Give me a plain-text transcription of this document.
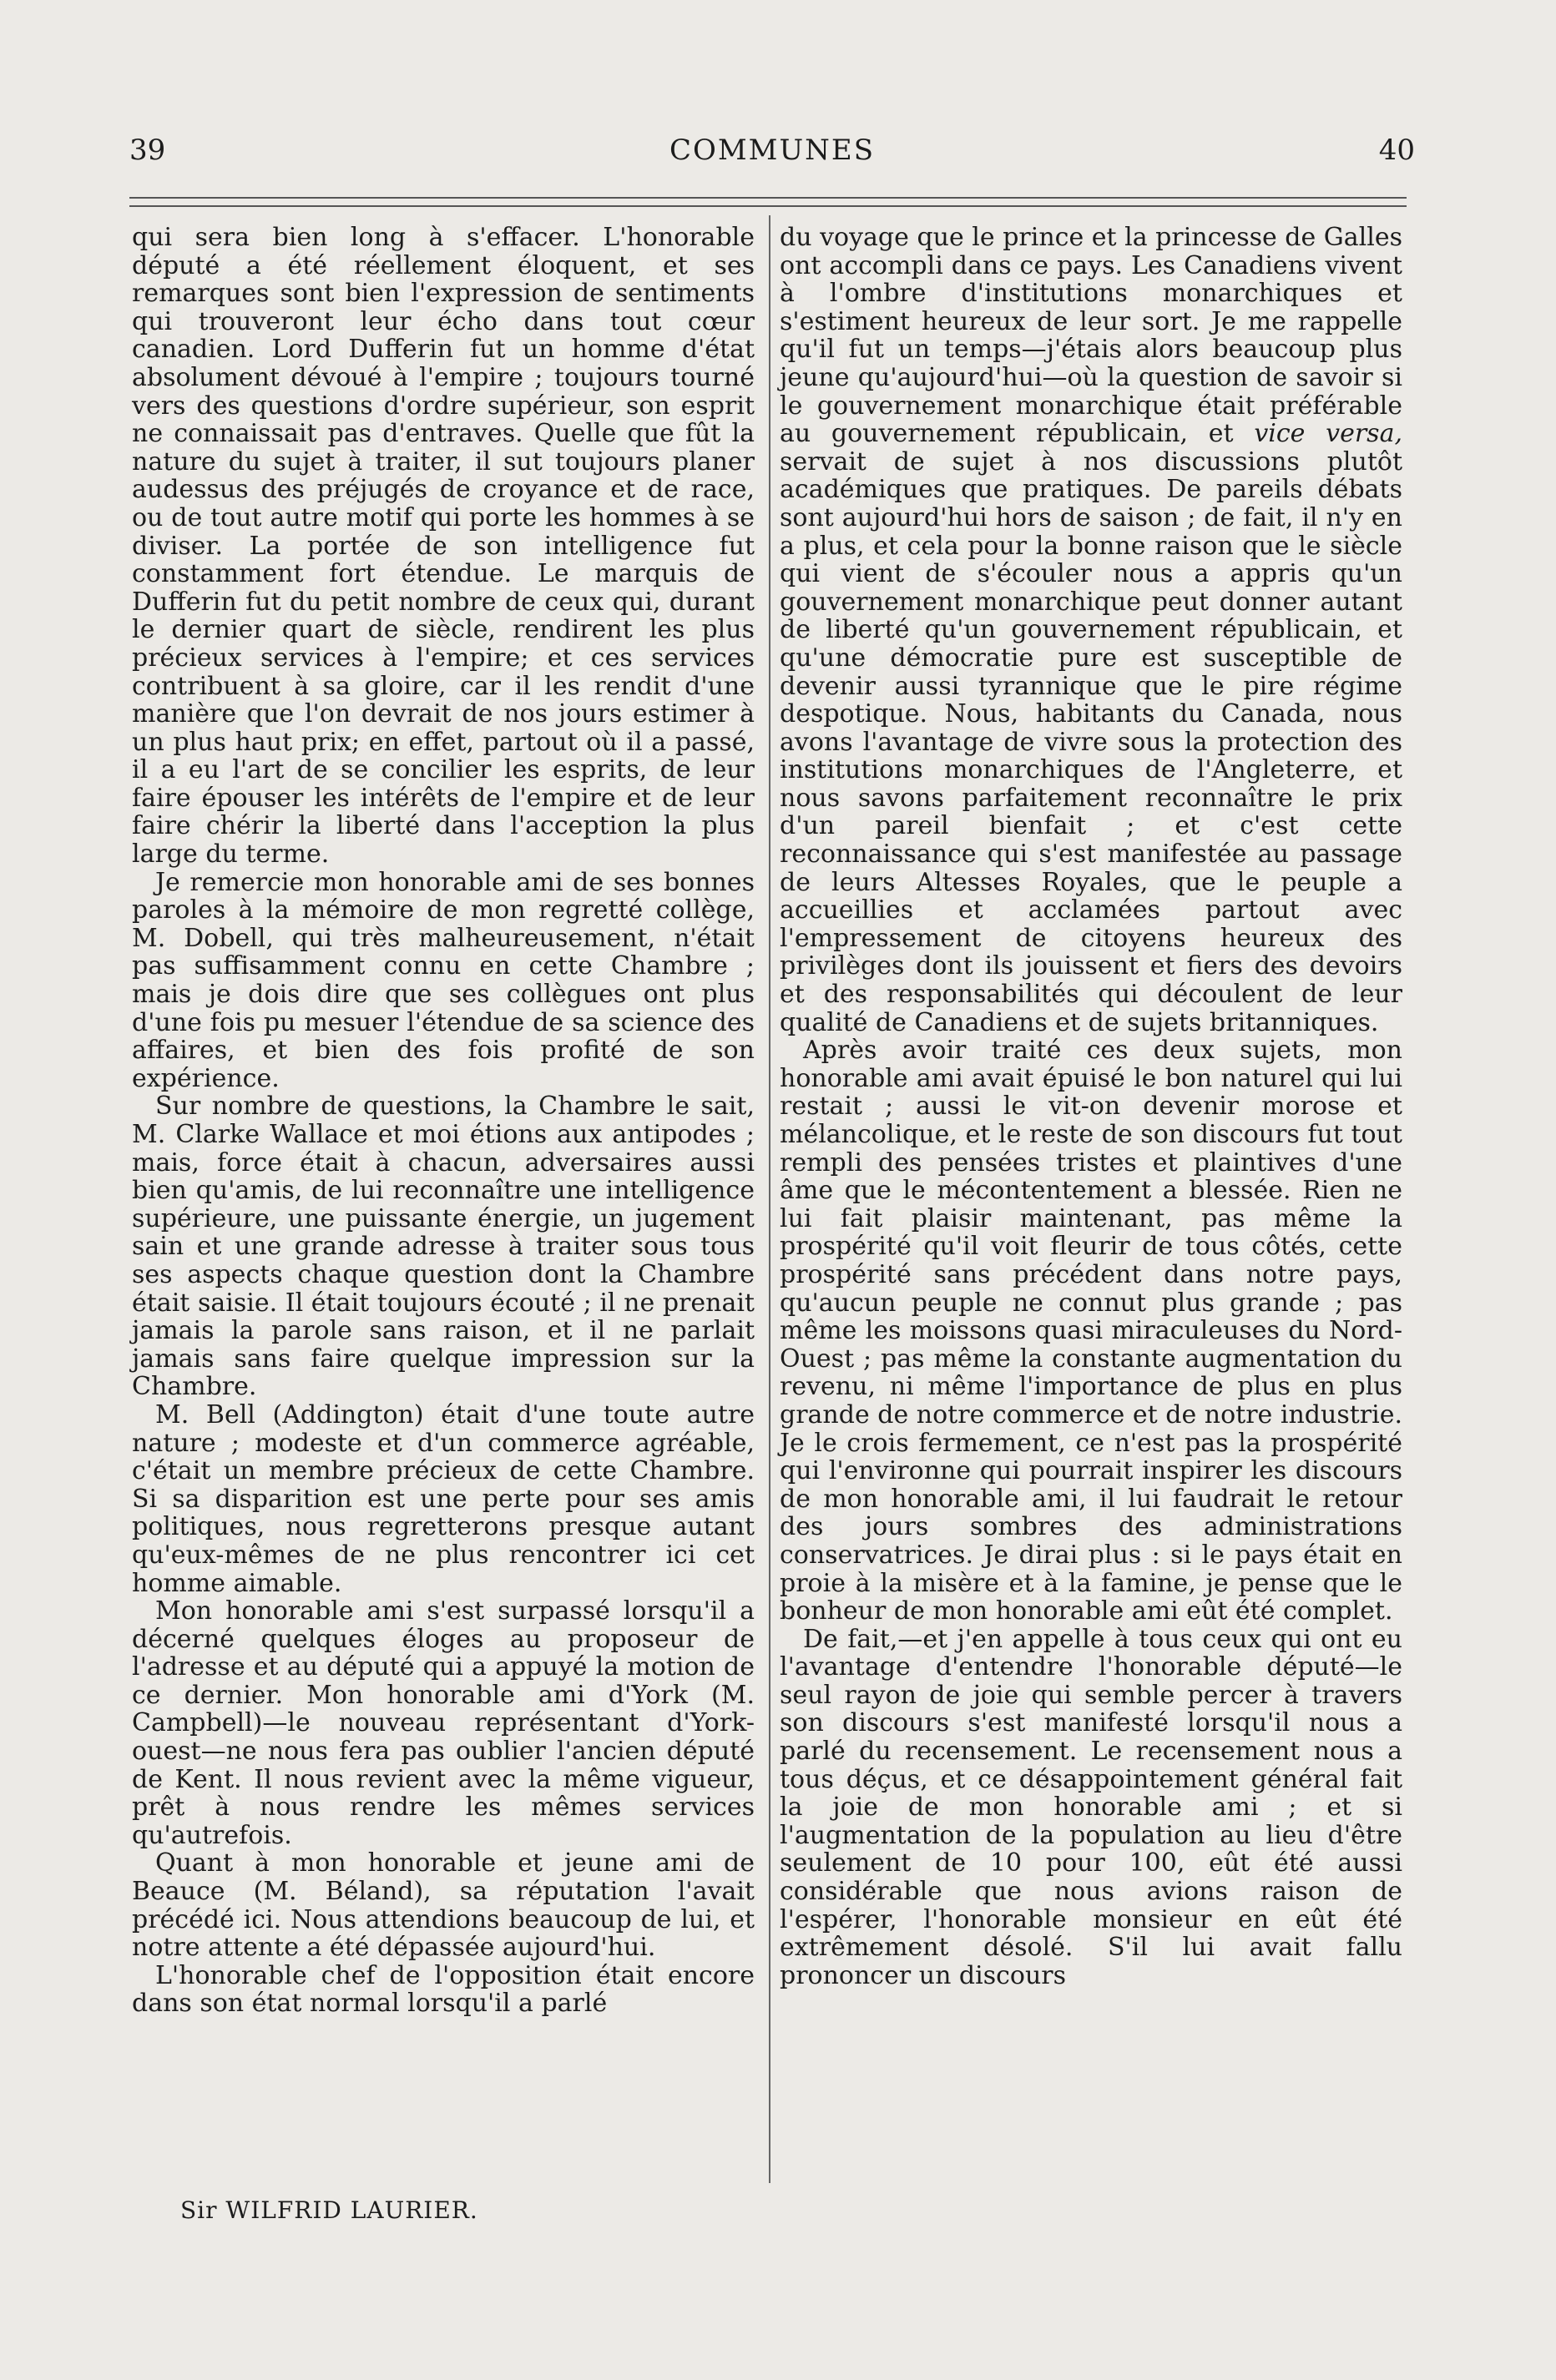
39	COMMUNES	40

qui sera bien long à s'effacer. L'honorable député a été réellement éloquent, et ses remarques sont bien l'expression de sentiments qui trouveront leur écho dans tout cœur canadien. Lord Dufferin fut un homme d'état absolument dévoué à l'empire ; toujours tourné vers des questions d'ordre supérieur, son esprit ne connaissait pas d'entraves. Quelle que fût la nature du sujet à traiter, il sut toujours planer audessus des préjugés de croyance et de race, ou de tout autre motif qui porte les hommes à se diviser. La portée de son intelligence fut constamment fort étendue. Le marquis de Dufferin fut du petit nombre de ceux qui, durant le dernier quart de siècle, rendirent les plus précieux services à l'empire; et ces services contribuent à sa gloire, car il les rendit d'une manière que l'on devrait de nos jours estimer à un plus haut prix; en effet, partout où il a passé, il a eu l'art de se concilier les esprits, de leur faire épouser les intérêts de l'empire et de leur faire chérir la liberté dans l'acception la plus large du terme.

Je remercie mon honorable ami de ses bonnes paroles à la mémoire de mon regretté collège, M. Dobell, qui très malheureusement, n'était pas suffisamment connu en cette Chambre ; mais je dois dire que ses collègues ont plus d'une fois pu mesuer l'étendue de sa science des affaires, et bien des fois profité de son expérience.

Sur nombre de questions, la Chambre le sait, M. Clarke Wallace et moi étions aux antipodes ; mais, force était à chacun, adversaires aussi bien qu'amis, de lui reconnaître une intelligence supérieure, une puissante énergie, un jugement sain et une grande adresse à traiter sous tous ses aspects chaque question dont la Chambre était saisie. Il était toujours écouté ; il ne prenait jamais la parole sans raison, et il ne parlait jamais sans faire quelque impression sur la Chambre.

M. Bell (Addington) était d'une toute autre nature ; modeste et d'un commerce agréable, c'était un membre précieux de cette Chambre. Si sa disparition est une perte pour ses amis politiques, nous regretterons presque autant qu'eux-mêmes de ne plus rencontrer ici cet homme aimable.

Mon honorable ami s'est surpassé lorsqu'il a décerné quelques éloges au proposeur de l'adresse et au député qui a appuyé la motion de ce dernier. Mon honorable ami d'York (M. Campbell)—le nouveau représentant d'York-ouest—ne nous fera pas oublier l'ancien député de Kent. Il nous revient avec la même vigueur, prêt à nous rendre les mêmes services qu'autrefois.

Quant à mon honorable et jeune ami de Beauce (M. Béland), sa réputation l'avait précédé ici. Nous attendions beaucoup de lui, et notre attente a été dépassée aujourd'hui.

L'honorable chef de l'opposition était encore dans son état normal lorsqu'il a parlé

du voyage que le prince et la princesse de Galles ont accompli dans ce pays. Les Canadiens vivent à l'ombre d'institutions monarchiques et s'estiment heureux de leur sort. Je me rappelle qu'il fut un temps—j'étais alors beaucoup plus jeune qu'aujourd'hui—où la question de savoir si le gouvernement monarchique était préférable au gouvernement républicain, et vice versa, servait de sujet à nos discussions plutôt académiques que pratiques. De pareils débats sont aujourd'hui hors de saison ; de fait, il n'y en a plus, et cela pour la bonne raison que le siècle qui vient de s'écouler nous a appris qu'un gouvernement monarchique peut donner autant de liberté qu'un gouvernement républicain, et qu'une démocratie pure est susceptible de devenir aussi tyrannique que le pire régime despotique. Nous, habitants du Canada, nous avons l'avantage de vivre sous la protection des institutions monarchiques de l'Angleterre, et nous savons parfaitement reconnaître le prix d'un pareil bienfait ; et c'est cette reconnaissance qui s'est manifestée au passage de leurs Altesses Royales, que le peuple a accueillies et acclamées partout avec l'empressement de citoyens heureux des privilèges dont ils jouissent et fiers des devoirs et des responsabilités qui découlent de leur qualité de Canadiens et de sujets britanniques.

Après avoir traité ces deux sujets, mon honorable ami avait épuisé le bon naturel qui lui restait ; aussi le vit-on devenir morose et mélancolique, et le reste de son discours fut tout rempli des pensées tristes et plaintives d'une âme que le mécontentement a blessée. Rien ne lui fait plaisir maintenant, pas même la prospérité qu'il voit fleurir de tous côtés, cette prospérité sans précédent dans notre pays, qu'aucun peuple ne connut plus grande ; pas même les moissons quasi miraculeuses du Nord-Ouest ; pas même la constante augmentation du revenu, ni même l'importance de plus en plus grande de notre commerce et de notre industrie. Je le crois fermement, ce n'est pas la prospérité qui l'environne qui pourrait inspirer les discours de mon honorable ami, il lui faudrait le retour des jours sombres des administrations conservatrices. Je dirai plus : si le pays était en proie à la misère et à la famine, je pense que le bonheur de mon honorable ami eût été complet.

De fait,—et j'en appelle à tous ceux qui ont eu l'avantage d'entendre l'honorable député—le seul rayon de joie qui semble percer à travers son discours s'est manifesté lorsqu'il nous a parlé du recensement. Le recensement nous a tous déçus, et ce désappointement général fait la joie de mon honorable ami ; et si l'augmentation de la population au lieu d'être seulement de 10 pour 100, eût été aussi considérable que nous avions raison de l'espérer, l'honorable monsieur en eût été extrêmement désolé. S'il lui avait fallu prononcer un discours

Sir WILFRID LAURIER.
